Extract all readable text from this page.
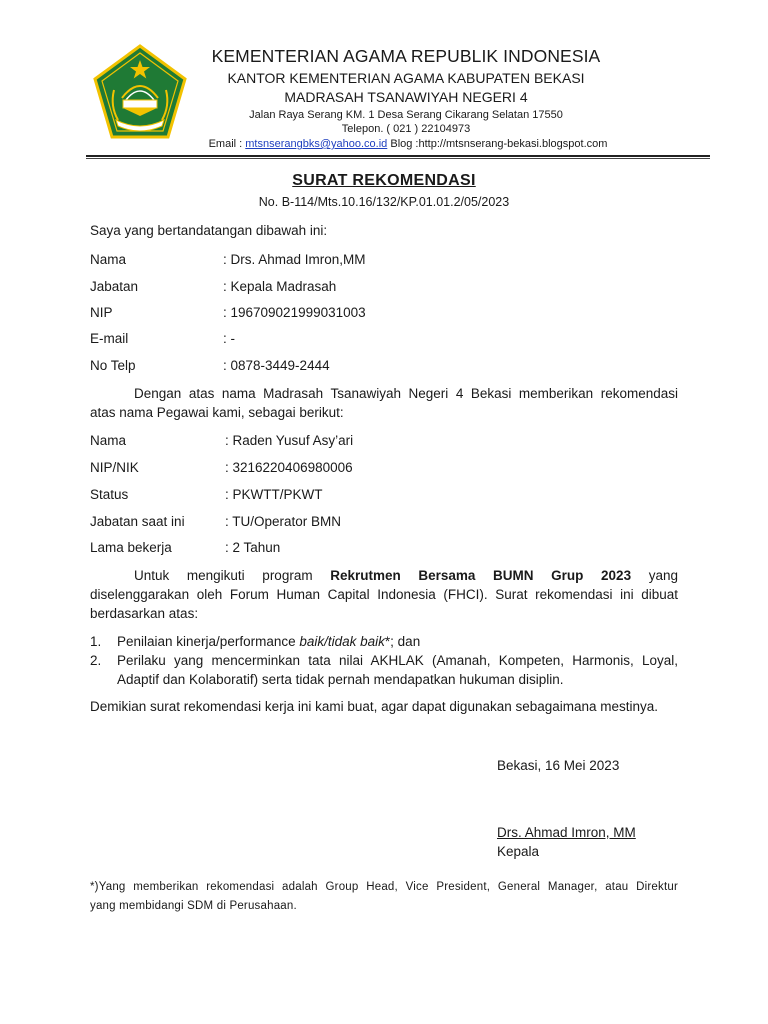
KEMENTERIAN AGAMA REPUBLIK INDONESIA
KANTOR KEMENTERIAN AGAMA KABUPATEN BEKASI
MADRASAH TSANAWIYAH NEGERI 4
Jalan Raya Serang KM. 1 Desa Serang Cikarang Selatan 17550
Telepon. ( 021 ) 22104973
Email : mtsnserangbks@yahoo.co.id Blog :http://mtsnserang-bekasi.blogspot.com
SURAT REKOMENDASI
No. B-114/Mts.10.16/132/KP.01.01.2/05/2023
Saya yang bertandatangan dibawah ini:
Nama	: Drs. Ahmad Imron,MM
Jabatan	: Kepala Madrasah
NIP	: 196709021999031003
E-mail	: -
No Telp	: 0878-3449-2444
Dengan atas nama Madrasah Tsanawiyah Negeri 4 Bekasi memberikan rekomendasi
atas nama Pegawai kami, sebagai berikut:
Nama	: Raden Yusuf Asy’ari
NIP/NIK	: 3216220406980006
Status	: PKWTT/PKWT
Jabatan saat ini	: TU/Operator BMN
Lama bekerja	: 2 Tahun
Untuk mengikuti program Rekrutmen Bersama BUMN Grup 2023 yang
diselenggarakan oleh Forum Human Capital Indonesia (FHCI). Surat rekomendasi ini dibuat
berdasarkan atas:
1. Penilaian kinerja/performance baik/tidak baik*; dan
2. Perilaku yang mencerminkan tata nilai AKHLAK (Amanah, Kompeten, Harmonis, Loyal,
Adaptif dan Kolaboratif) serta tidak pernah mendapatkan hukuman disiplin.
Demikian surat rekomendasi kerja ini kami buat, agar dapat digunakan sebagaimana mestinya.
Bekasi, 16 Mei 2023
Drs. Ahmad Imron, MM
Kepala
*)Yang memberikan rekomendasi adalah Group Head, Vice President, General Manager, atau Direktur
yang membidangi SDM di Perusahaan.
